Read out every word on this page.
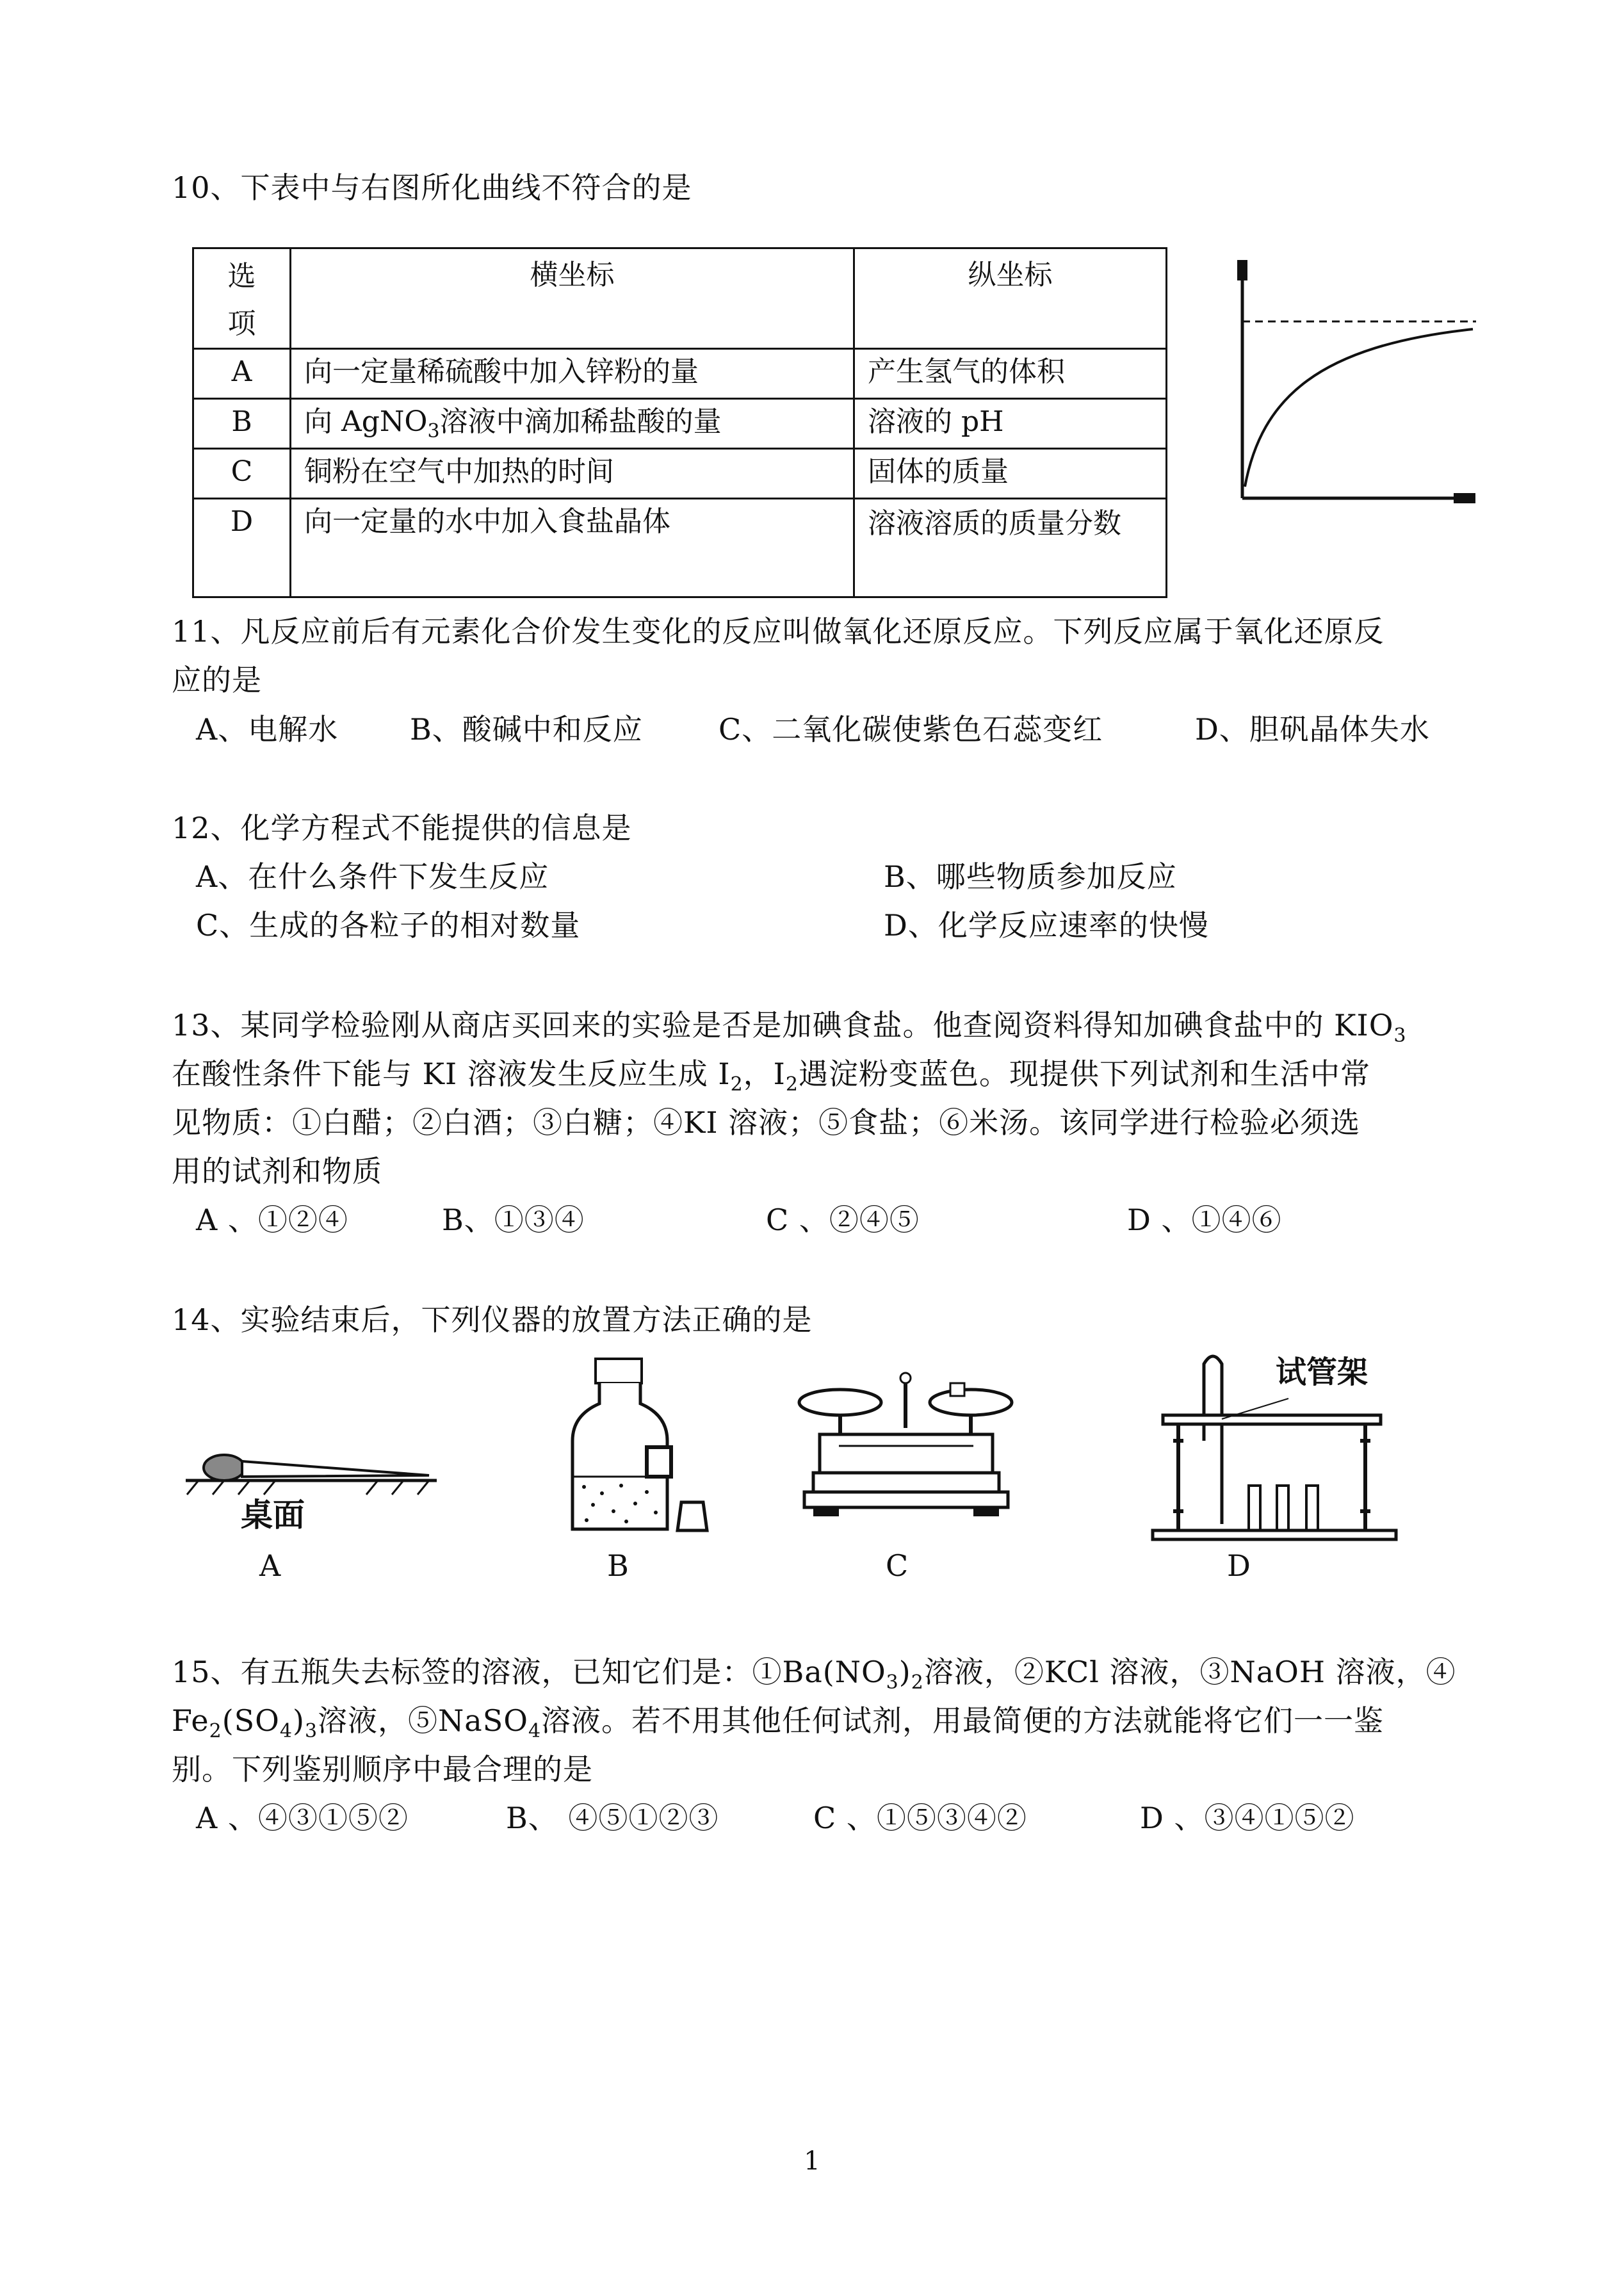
10、下表中与右图所化曲线不符合的是
选项	横坐标	纵坐标
A	向一定量稀硫酸中加入锌粉的量	产生氢气的体积
B	向 AgNO$_3$溶液中滴加稀盐酸的量	溶液的 pH
C	铜粉在空气中加热的时间	固体的质量
D	向一定量的水中加入食盐晶体	溶液溶质的质量分数
11、凡反应前后有元素化合价发生变化的反应叫做氧化还原反应。下列反应属于氧化还原反
应的是
A、电解水 B、酸碱中和反应	C、二氧化碳使紫色石蕊变红	D、胆矾晶体失水
12、化学方程式不能提供的信息是
A、在什么条件下发生反应	B、哪些物质参加反应
C、生成的各粒子的相对数量	D、化学反应速率的快慢
13、某同学检验刚从商店买回来的实验是否是加碘食盐。他查阅资料得知加碘食盐中的 $KIO_3$
在酸性条件下能与 KI 溶液发生反应生成 $I_2$，$I_2$遇淀粉变蓝色。现提供下列试剂和生活中常
见物质：①白醋；②白酒；③白糖；④KI 溶液；⑤食盐；⑥米汤。该同学进行检验必须选
用的试剂和物质
A 、①②④	B、①③④	C 、②④⑤	D 、①④⑥
14、实验结束后，下列仪器的放置方法正确的是
桌面
试管架
A	B	C	D
15、有五瓶失去标签的溶液，已知它们是：$①Ba(NO_3)_2$溶液，②KCl 溶液，③NaOH 溶液，④
$Fe_2(SO_4)_3$溶液，⑤NaSO$_4$溶液。若不用其他任何试剂，用最简便的方法就能将它们一一鉴
别。下列鉴别顺序中最合理的是
A 、④③①⑤②	B、 ④⑤①②③	C 、①⑤③④②	D 、③④①⑤②
1
